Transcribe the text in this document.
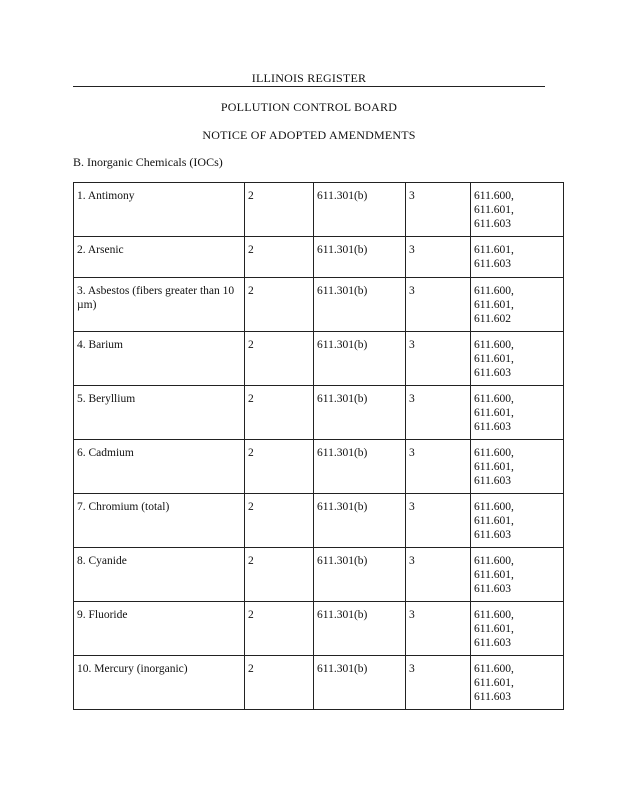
ILLINOIS REGISTER
POLLUTION CONTROL BOARD
NOTICE OF ADOPTED AMENDMENTS
B. Inorganic Chemicals (IOCs)
1. Antimony	2	611.301(b)	3	611.600,
611.601,
611.603

2. Arsenic	2	611.301(b)	3	611.601,
611.603

3. Asbestos (fibers greater than 10 µm)	2	611.301(b)	3	611.600,
611.601,
611.602

4. Barium	2	611.301(b)	3	611.600,
611.601,
611.603

5. Beryllium	2	611.301(b)	3	611.600,
611.601,
611.603

6. Cadmium	2	611.301(b)	3	611.600,
611.601,
611.603

7. Chromium (total)	2	611.301(b)	3	611.600,
611.601,
611.603

8. Cyanide	2	611.301(b)	3	611.600,
611.601,
611.603

9. Fluoride	2	611.301(b)	3	611.600,
611.601,
611.603

10. Mercury (inorganic)	2	611.301(b)	3	611.600,
611.601,
611.603
